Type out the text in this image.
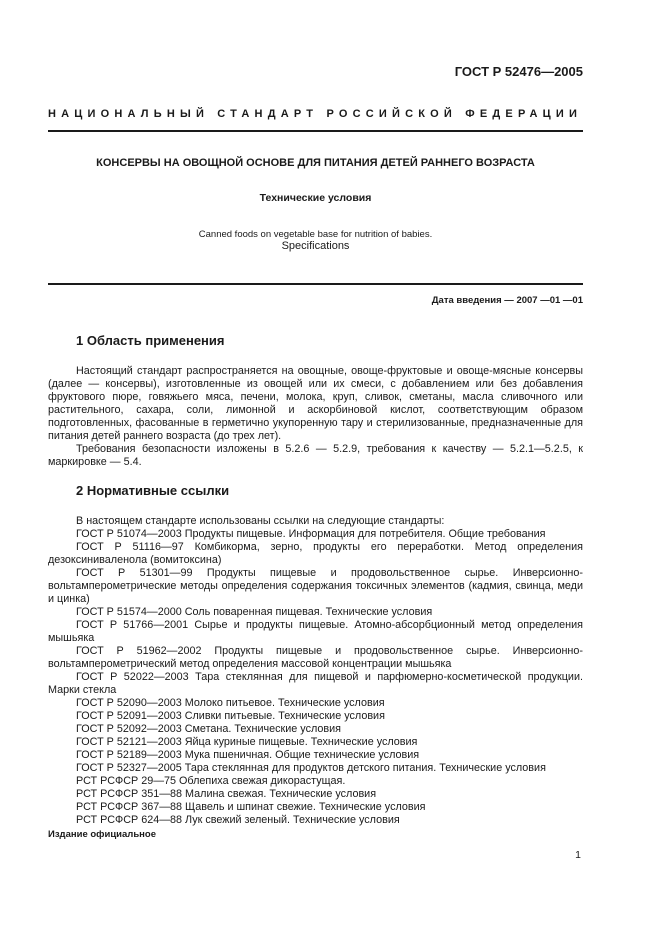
ГОСТ Р 52476—2005
НАЦИОНАЛЬНЫЙ СТАНДАРТ РОССИЙСКОЙ ФЕДЕРАЦИИ
КОНСЕРВЫ НА ОВОЩНОЙ ОСНОВЕ ДЛЯ ПИТАНИЯ ДЕТЕЙ РАННЕГО ВОЗРАСТА
Технические условия
Canned foods on vegetable base for nutrition of babies.
Specifications
Дата введения — 2007 —01 —01
1 Область применения

Настоящий стандарт распространяется на овощные, овоще-фруктовые и овоще-мясные консервы (далее — консервы), изготовленные из овощей или их смеси, с добавлением или без добавления фруктового пюре, говяжьего мяса, печени, молока, круп, сливок, сметаны, масла сливочного или растительного, сахара, соли, лимонной и аскорбиновой кислот, соответствующим образом подготовленных, фасованные в герметично укупоренную тару и стерилизованные, предназначенные для питания детей раннего возраста (до трех лет).

Требования безопасности изложены в 5.2.6 — 5.2.9, требования к качеству — 5.2.1—5.2.5, к маркировке — 5.4.

2 Нормативные ссылки
В настоящем стандарте использованы ссылки на следующие стандарты:
ГОСТ Р 51074—2003 Продукты пищевые. Информация для потребителя. Общие требования
ГОСТ Р 51116—97 Комбикорма, зерно, продукты его переработки. Метод определения дезоксиниваленола (вомитоксина)
ГОСТ Р 51301—99 Продукты пищевые и продовольственное сырье. Инверсионно-вольтамперометрические методы определения содержания токсичных элементов (кадмия, свинца, меди и цинка)
ГОСТ Р 51574—2000 Соль поваренная пищевая. Технические условия
ГОСТ Р 51766—2001 Сырье и продукты пищевые. Атомно-абсорбционный метод определения мышьяка
ГОСТ Р 51962—2002 Продукты пищевые и продовольственное сырье. Инверсионно-вольтамперометрический метод определения массовой концентрации мышьяка
ГОСТ Р 52022—2003 Тара стеклянная для пищевой и парфюмерно-косметической продукции. Марки стекла
ГОСТ Р 52090—2003 Молоко питьевое. Технические условия
ГОСТ Р 52091—2003 Сливки питьевые. Технические условия
ГОСТ Р 52092—2003 Сметана. Технические условия
ГОСТ Р 52121—2003 Яйца куриные пищевые. Технические условия
ГОСТ Р 52189—2003 Мука пшеничная. Общие технические условия
ГОСТ Р 52327—2005 Тара стеклянная для продуктов детского питания. Технические условия
РСТ РСФСР 29—75 Облепиха свежая дикорастущая.
РСТ РСФСР 351—88 Малина свежая. Технические условия
РСТ РСФСР 367—88 Щавель и шпинат свежие. Технические условия
РСТ РСФСР 624—88 Лук свежий зеленый. Технические условия
Издание официальное
1
